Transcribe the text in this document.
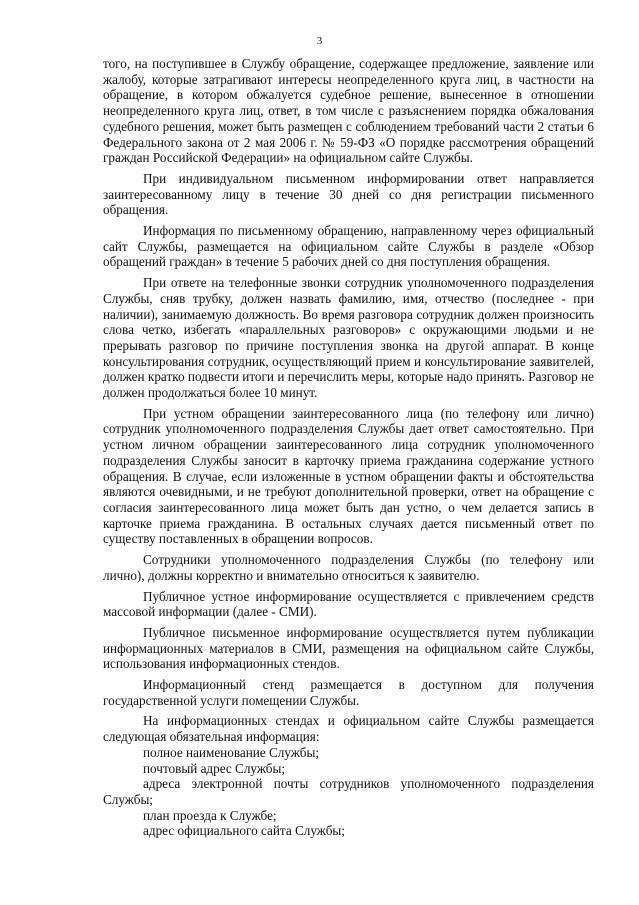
3

того, на поступившее в Службу обращение, содержащее предложение, заявление или жалобу, которые затрагивают интересы неопределенного круга лиц, в частности на обращение, в котором обжалуется судебное решение, вынесенное в отношении неопределенного круга лиц, ответ, в том числе с разъяснением порядка обжалования судебного решения, может быть размещен с соблюдением требований части 2 статьи 6 Федерального закона от 2 мая 2006 г. № 59-ФЗ «О порядке рассмотрения обращений граждан Российской Федерации» на официальном сайте Службы.

При индивидуальном письменном информировании ответ направляется заинтересованному лицу в течение 30 дней со дня регистрации письменного обращения.

Информация по письменному обращению, направленному через официальный сайт Службы, размещается на официальном сайте Службы в разделе «Обзор обращений граждан» в течение 5 рабочих дней со дня поступления обращения.

При ответе на телефонные звонки сотрудник уполномоченного подразделения Службы, сняв трубку, должен назвать фамилию, имя, отчество (последнее - при наличии), занимаемую должность. Во время разговора сотрудник должен произносить слова четко, избегать «параллельных разговоров» с окружающими людьми и не прерывать разговор по причине поступления звонка на другой аппарат. В конце консультирования сотрудник, осуществляющий прием и консультирование заявителей, должен кратко подвести итоги и перечислить меры, которые надо принять. Разговор не должен продолжаться более 10 минут.

При устном обращении заинтересованного лица (по телефону или лично) сотрудник уполномоченного подразделения Службы дает ответ самостоятельно. При устном личном обращении заинтересованного лица сотрудник уполномоченного подразделения Службы заносит в карточку приема гражданина содержание устного обращения. В случае, если изложенные в устном обращении факты и обстоятельства являются очевидными, и не требуют дополнительной проверки, ответ на обращение с согласия заинтересованного лица может быть дан устно, о чем делается запись в карточке приема гражданина. В остальных случаях дается письменный ответ по существу поставленных в обращении вопросов.

Сотрудники уполномоченного подразделения Службы (по телефону или лично), должны корректно и внимательно относиться к заявителю.

Публичное устное информирование осуществляется с привлечением средств массовой информации (далее - СМИ).

Публичное письменное информирование осуществляется путем публикации информационных материалов в СМИ, размещения на официальном сайте Службы, использования информационных стендов.

Информационный стенд размещается в доступном для получения государственной услуги помещении Службы.

На информационных стендах и официальном сайте Службы размещается следующая обязательная информация:

полное наименование Службы;

почтовый адрес Службы;

адреса электронной почты сотрудников уполномоченного подразделения Службы;

план проезда к Службе;

адрес официального сайта Службы;
